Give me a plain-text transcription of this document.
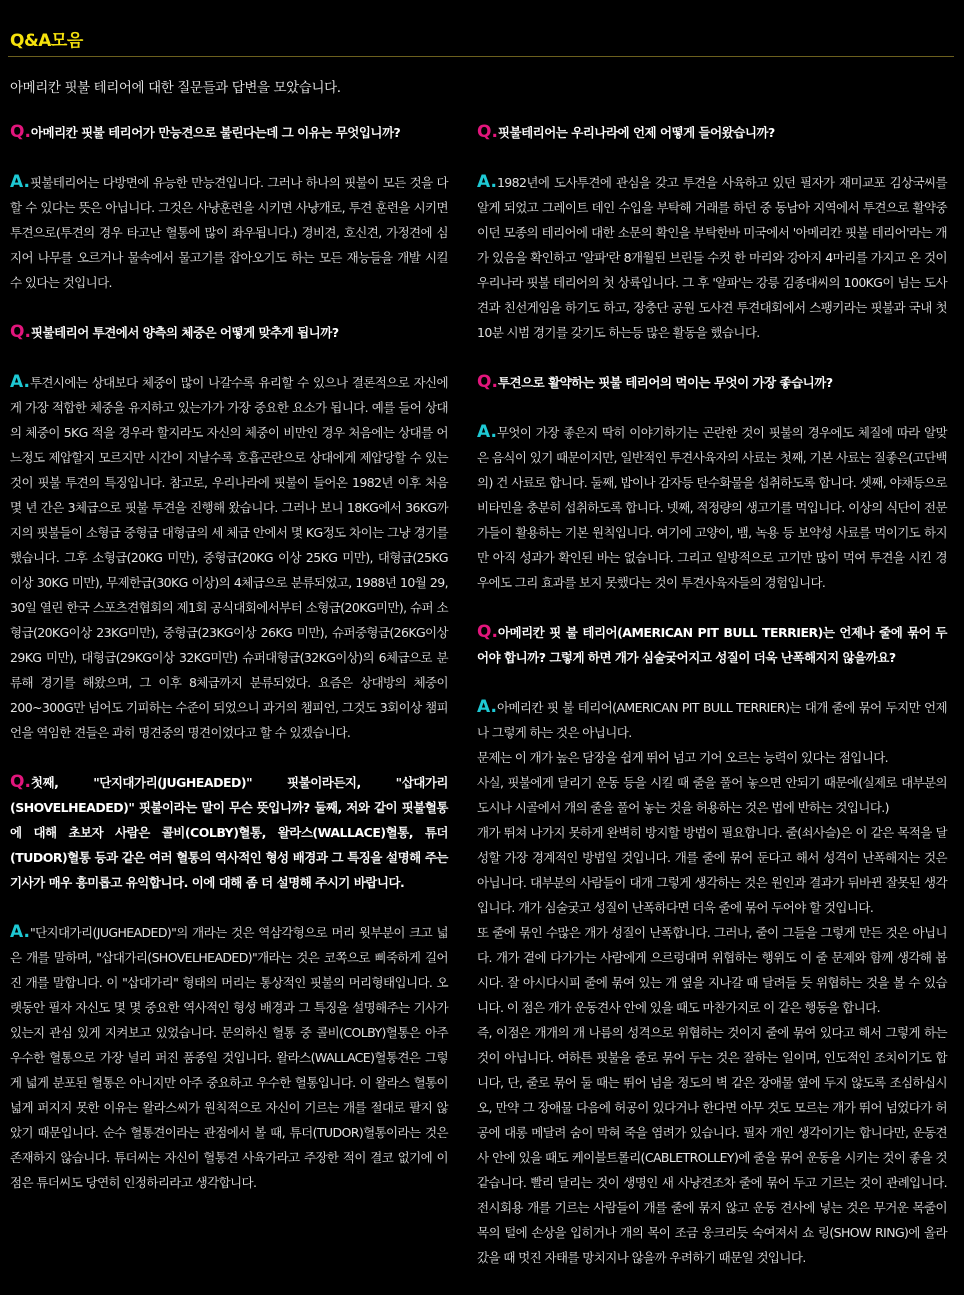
Q&A모음
아메리칸 핏불 테리어에 대한 질문들과 답변을 모았습니다.
Q.아메리칸 핏불 테리어가 만능견으로 불린다는데 그 이유는 무엇입니까?

A.핏불테리어는 다방면에 유능한 만능견입니다. 그러나 하나의 핏불이 모든 것을 다할 수 있다는 뜻은 아닙니다. 그것은 사냥훈련을 시키면 사냥개로, 투견 훈련을 시키면 투견으로(투견의 경우 타고난 혈통에 많이 좌우됩니다.) 경비견, 호신견, 가정견에 심지어 나무를 오르거나 물속에서 물고기를 잡아오기도 하는 모든 재능들을 개발 시킬 수 있다는 것입니다.

Q.핏불테리어 투견에서 양측의 체중은 어떻게 맞추게 됩니까?

A.투견시에는 상대보다 체중이 많이 나갈수록 유리할 수 있으나 결론적으로 자신에게 가장 적합한 체중을 유지하고 있는가가 가장 중요한 요소가 됩니다. 예를 들어 상대의 체중이 5KG 적을 경우라 할지라도 자신의 체중이 비만인 경우 처음에는 상대를 어느정도 제압할지 모르지만 시간이 지날수록 호흡곤란으로 상대에게 제압당할 수 있는 것이 핏불 투견의 특징입니다. 참고로, 우리나라에 핏불이 들어온 1982년 이후 처음 몇 년 간은 3체급으로 핏불 투견을 진행해 왔습니다. 그러나 보니 18KG에서 36KG까지의 핏불들이 소형급 중형급 대형급의 세 체급 안에서 몇 KG정도 차이는 그냥 경기를 했습니다. 그후 소형급(20KG 미만), 중형급(20KG 이상 25KG 미만), 대형급(25KG 이상 30KG 미만), 무제한급(30KG 이상)의 4체급으로 분류되었고, 1988년 10월 29, 30일 열린 한국 스포츠견협회의 제1회 공식대회에서부터 소형급(20KG미만), 슈퍼 소형급(20KG이상 23KG미만), 중형급(23KG이상 26KG 미만), 슈퍼중형급(26KG이상 29KG 미만), 대형급(29KG이상 32KG미만) 슈퍼대형급(32KG이상)의 6체급으로 분류해 경기를 해왔으며, 그 이후 8체급까지 분류되었다. 요즘은 상대방의 체중이 200~300G만 넘어도 기피하는 수준이 되었으니 과거의 챔피언, 그것도 3회이상 챔피언을 역임한 견들은 과히 명견중의 명견이었다고 할 수 있겠습니다.

Q.첫째, "단지대가리(JUGHEADED)" 핏불이라든지, "삽대가리(SHOVELHEADED)" 핏불이라는 말이 무슨 뜻입니까? 둘째, 저와 같이 핏불혈통에 대해 초보자 사람은 콜비(COLBY)혈통, 왈라스(WALLACE)혈통, 튜더(TUDOR)혈통 등과 같은 여러 혈통의 역사적인 형성 배경과 그 특징을 설명해 주는 기사가 매우 흥미롭고 유익합니다. 이에 대해 좀 더 설명해 주시기 바랍니다.

A."단지대가리(JUGHEADED)"의 개라는 것은 역삼각형으로 머리 윗부분이 크고 넓은 개를 말하며, "삽대가리(SHOVELHEADED)"개라는 것은 코쪽으로 삐죽하게 길어진 개를 말합니다. 이 "삽대가리" 형태의 머리는 통상적인 핏불의 머리형태입니다. 오랫동안 필자 자신도 몇 몇 중요한 역사적인 형성 배경과 그 특징을 설명해주는 기사가 있는지 관심 있게 지켜보고 있었습니다. 문의하신 혈통 중 콜비(COLBY)혈통은 아주 우수한 혈통으로 가장 널리 퍼진 품종일 것입니다. 왈라스(WALLACE)혈통견은 그렇게 넓게 분포된 혈통은 아니지만 아주 중요하고 우수한 혈통입니다. 이 왈라스 혈통이 넓게 퍼지지 못한 이유는 왈라스씨가 원칙적으로 자신이 기르는 개를 절대로 팔지 않았기 때문입니다. 순수 혈통견이라는 관점에서 볼 때, 튜더(TUDOR)혈통이라는 것은 존재하지 않습니다. 튜더씨는 자신이 혈통견 사육가라고 주장한 적이 결코 없기에 이점은 튜더씨도 당연히 인정하리라고 생각합니다.

Q.핏불테리어는 우리나라에 언제 어떻게 들어왔습니까?

A.1982년에 도사투견에 관심을 갖고 투견을 사육하고 있던 필자가 재미교포 김상국씨를 알게 되었고 그레이트 데인 수입을 부탁해 거래를 하던 중 동남아 지역에서 투견으로 활약중이던 모종의 테리어에 대한 소문의 확인을 부탁한바 미국에서 '아메리칸 핏불 테리어'라는 개가 있음을 확인하고 '알파'란 8개월된 브린들 수컷 한 마리와 강아지 4마리를 가지고 온 것이 우리나라 핏불 테리어의 첫 상륙입니다. 그 후 '알파'는 강릉 김종대씨의 100KG이 넘는 도사견과 친선게임을 하기도 하고, 장충단 공원 도사견 투견대회에서 스팽키라는 핏불과 국내 첫 10분 시범 경기를 갖기도 하는등 많은 활동을 했습니다.

Q.투견으로 활약하는 핏불 테리어의 먹이는 무엇이 가장 좋습니까?

A.무엇이 가장 좋은지 딱히 이야기하기는 곤란한 것이 핏불의 경우에도 체질에 따라 알맞은 음식이 있기 때문이지만, 일반적인 투견사육자의 사료는 첫째, 기본 사료는 질좋은(고단백의) 건 사료로 합니다. 둘째, 밥이나 감자등 탄수화물을 섭취하도록 합니다. 셋째, 야채등으로 비타민을 충분히 섭취하도록 합니다. 넷째, 적정량의 생고기를 먹입니다. 이상의 식단이 전문가들이 활용하는 기본 원칙입니다. 여기에 고양이, 뱀, 녹용 등 보약성 사료를 먹이기도 하지만 아직 성과가 확인된 바는 없습니다. 그리고 일방적으로 고기만 많이 먹여 투견을 시킨 경우에도 그리 효과를 보지 못했다는 것이 투견사육자들의 경험입니다.

Q.아메리칸 핏 불 테리어(AMERICAN PIT BULL TERRIER)는 언제나 줄에 묶어 두어야 합니까? 그렇게 하면 개가 심술궂어지고 성질이 더욱 난폭해지지 않을까요?

A.아메리칸 핏 불 테리어(AMERICAN PIT BULL TERRIER)는 대개 줄에 묶어 두지만 언제나 그렇게 하는 것은 아닙니다.

문제는 이 개가 높은 담장을 쉽게 뛰어 넘고 기어 오르는 능력이 있다는 점입니다.

사실, 핏불에게 달리기 운동 등을 시킬 때 줄을 풀어 놓으면 안되기 때문에(실제로 대부분의 도시나 시골에서 개의 줄을 풀어 놓는 것을 허용하는 것은 법에 반하는 것입니다.)

개가 뛰쳐 나가지 못하게 완벽히 방지할 방법이 필요합니다. 줄(쇠사슬)은 이 같은 목적을 달성할 가장 경계적인 방법일 것입니다. 개를 줄에 묶어 둔다고 해서 성격이 난폭해지는 것은 아닙니다. 대부분의 사람들이 대개 그렇게 생각하는 것은 원인과 결과가 뒤바뀐 잘못된 생각입니다. 개가 심술궂고 성질이 난폭하다면 더욱 줄에 묶어 두어야 할 것입니다.

또 줄에 묶인 수많은 개가 성질이 난폭합니다. 그러나, 줄이 그들을 그렇게 만든 것은 아닙니다. 개가 곁에 다가가는 사람에게 으르렁대며 위협하는 행위도 이 줄 문제와 함께 생각해 봅시다. 잘 아시다시피 줄에 묶여 있는 개 옆을 지나갈 때 달려들 듯 위협하는 것을 볼 수 있습니다. 이 점은 개가 운동견사 안에 있을 때도 마찬가지로 이 같은 행동을 합니다.

즉, 이점은 개개의 개 나름의 성격으로 위협하는 것이지 줄에 묶여 있다고 해서 그렇게 하는 것이 아닙니다. 여하튼 핏불을 줄로 묶어 두는 것은 잘하는 일이며, 인도적인 조치이기도 합니다, 단, 줄로 묶어 둘 때는 뛰어 넘을 정도의 벽 같은 장애물 옆에 두지 않도록 조심하십시오, 만약 그 장애물 다음에 허공이 있다거나 한다면 아무 것도 모르는 개가 뛰어 넘었다가 허공에 대롱 메달려 숨이 막혀 죽을 염려가 있습니다. 필자 개인 생각이기는 합니다만, 운동견사 안에 있을 때도 케이블트롤리(CABLETROLLEY)에 줄을 묶어 운동을 시키는 것이 좋을 것 같습니다. 빨리 달리는 것이 생명인 새 사냥견조차 줄에 묶어 두고 기르는 것이 관례입니다. 전시회용 개를 기르는 사람들이 개를 줄에 묶지 않고 운동 견사에 넣는 것은 무거운 목줄이 목의 털에 손상을 입히거나 개의 목이 조금 웅크리듯 숙여져서 쇼 링(SHOW RING)에 올라 갔을 때 멋진 자태를 망치지나 않을까 우려하기 때문일 것입니다.
